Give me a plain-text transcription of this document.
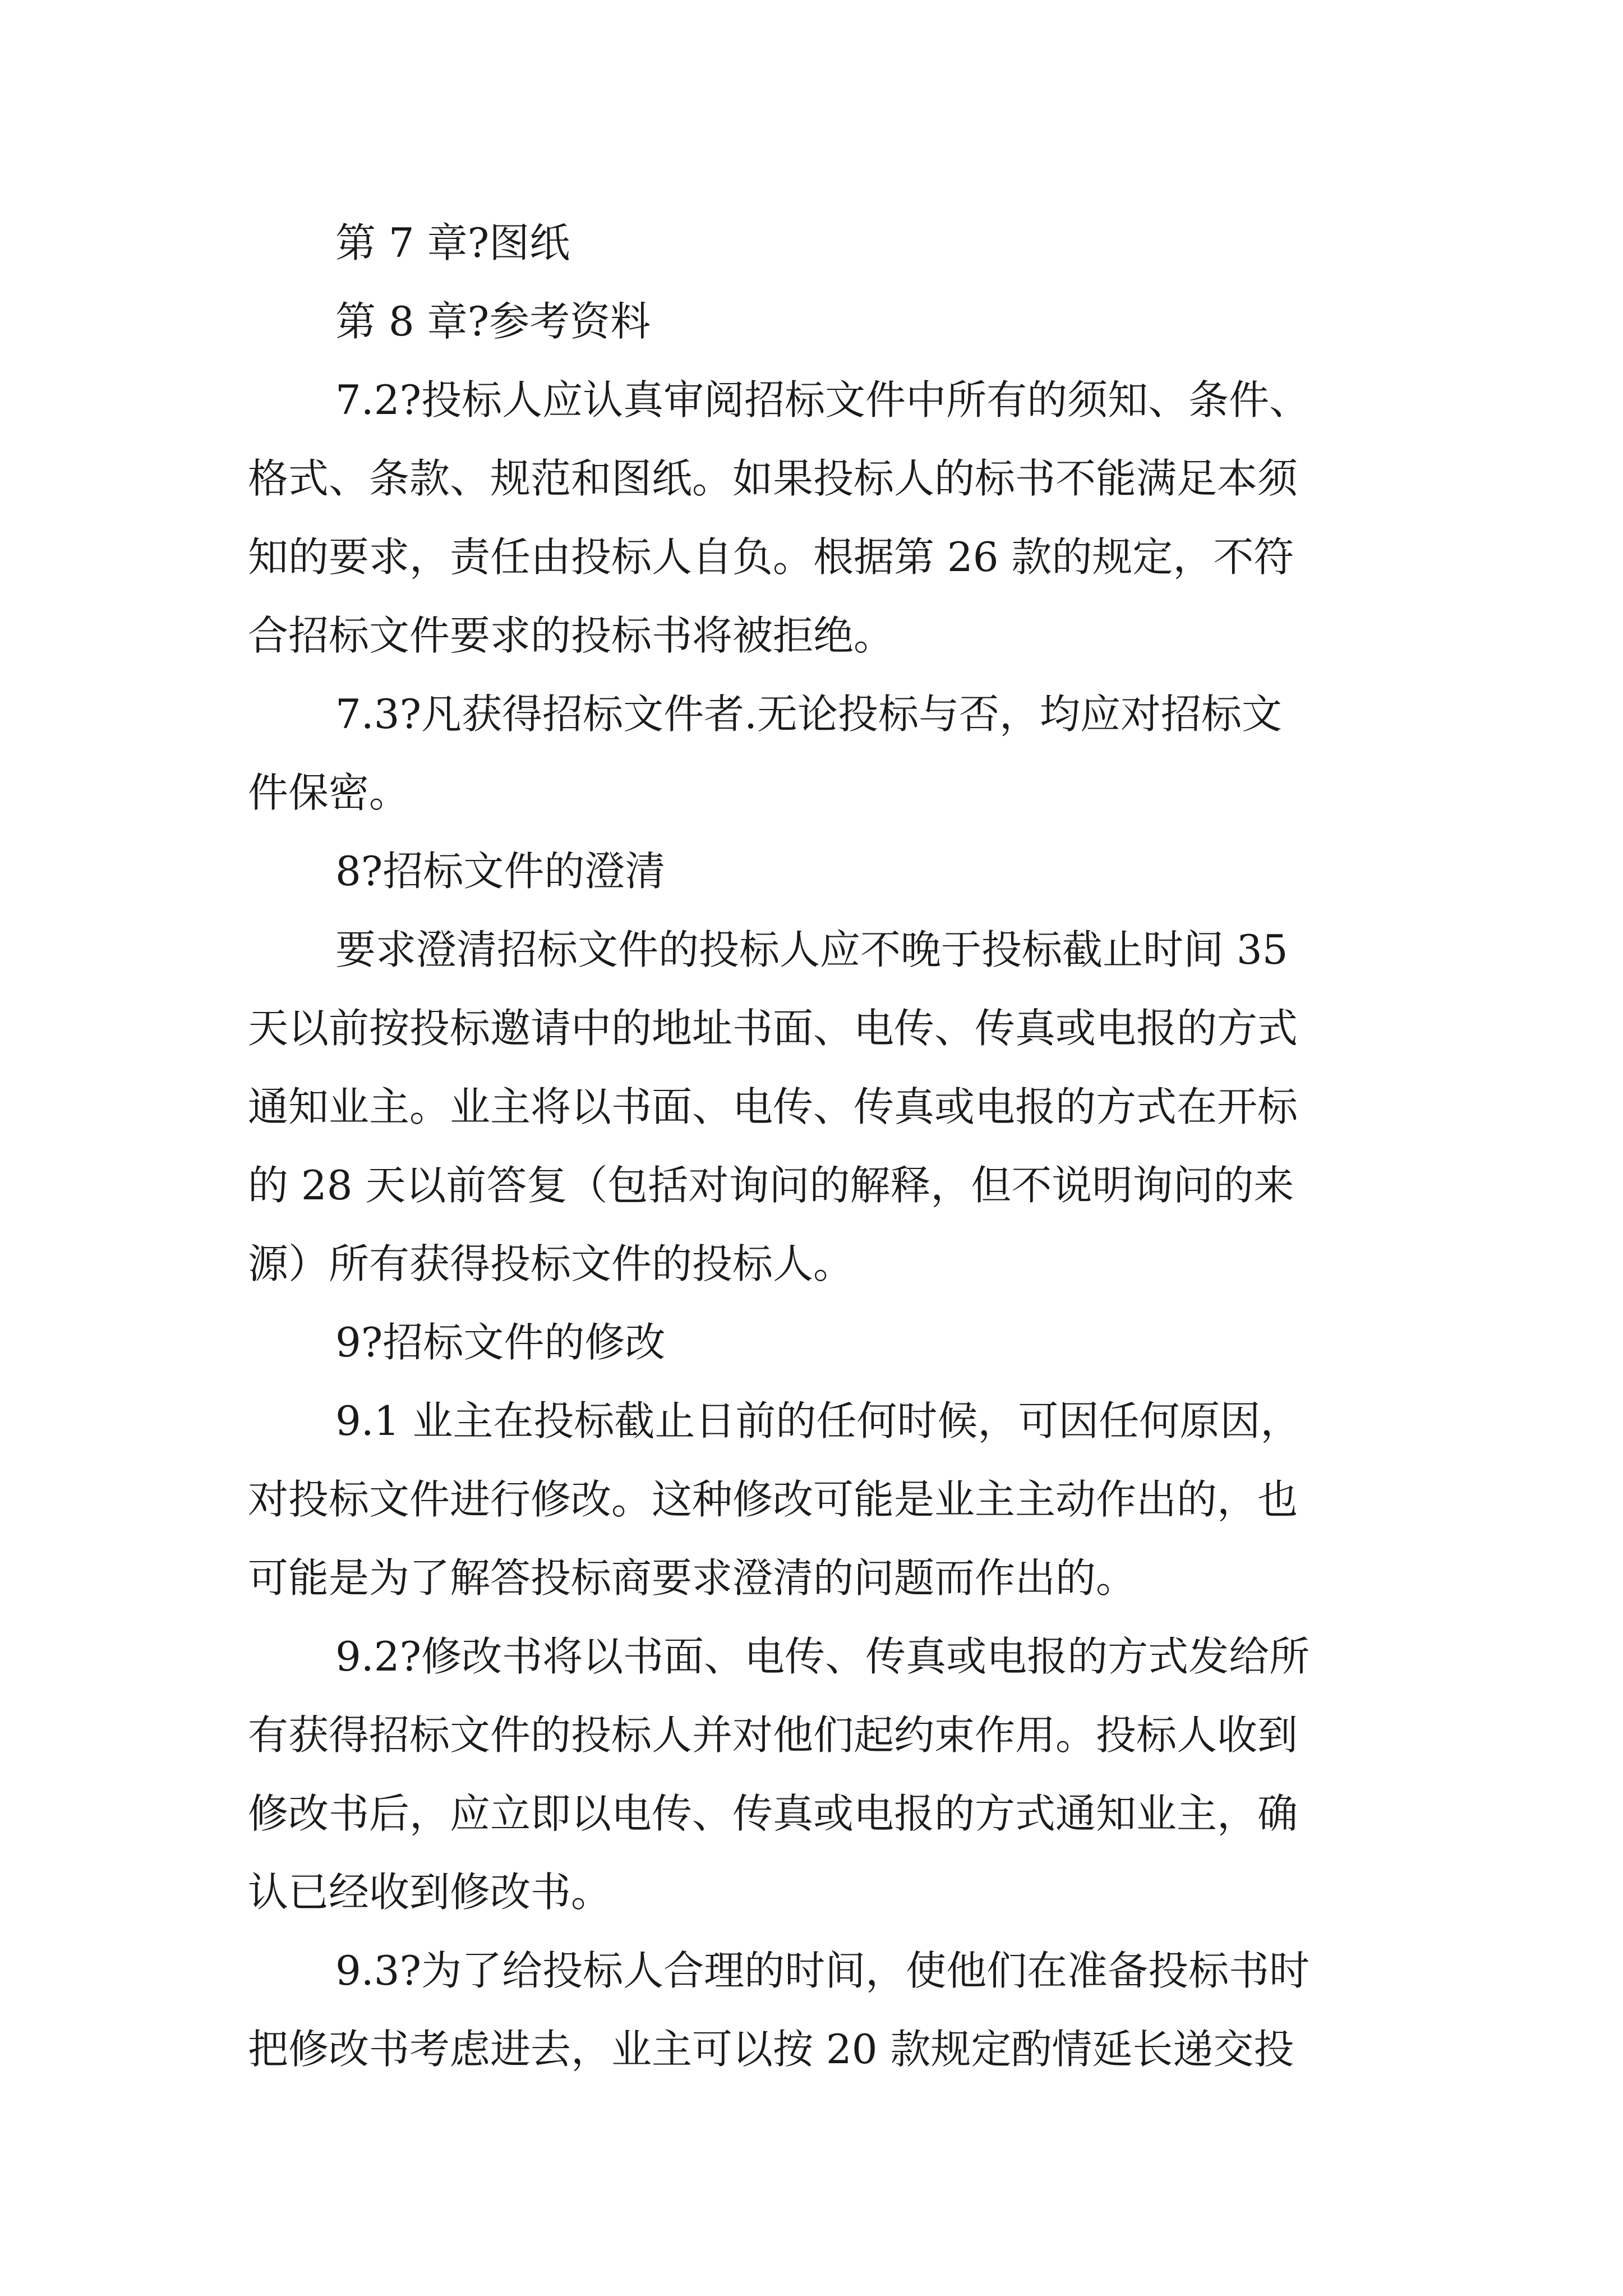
第 7 章?图纸
第 8 章?参考资料
7.2?投标人应认真审阅招标文件中所有的须知、条件、
格式、条款、规范和图纸。如果投标人的标书不能满足本须
知的要求，责任由投标人自负。根据第 26 款的规定，不符
合招标文件要求的投标书将被拒绝。
7.3?凡获得招标文件者.无论投标与否，均应对招标文
件保密。
8?招标文件的澄清
要求澄清招标文件的投标人应不晚于投标截止时间 35
天以前按投标邀请中的地址书面、电传、传真或电报的方式
通知业主。业主将以书面、电传、传真或电报的方式在开标
的 28 天以前答复（包括对询问的解释，但不说明询问的来
源）所有获得投标文件的投标人。
9?招标文件的修改
9.1 业主在投标截止日前的任何时候，可因任何原因，
对投标文件进行修改。这种修改可能是业主主动作出的，也
可能是为了解答投标商要求澄清的问题而作出的。
9.2?修改书将以书面、电传、传真或电报的方式发给所
有获得招标文件的投标人并对他们起约束作用。投标人收到
修改书后，应立即以电传、传真或电报的方式通知业主，确
认已经收到修改书。
9.3?为了给投标人合理的时间，使他们在准备投标书时
把修改书考虑进去，业主可以按 20 款规定酌情延长递交投
